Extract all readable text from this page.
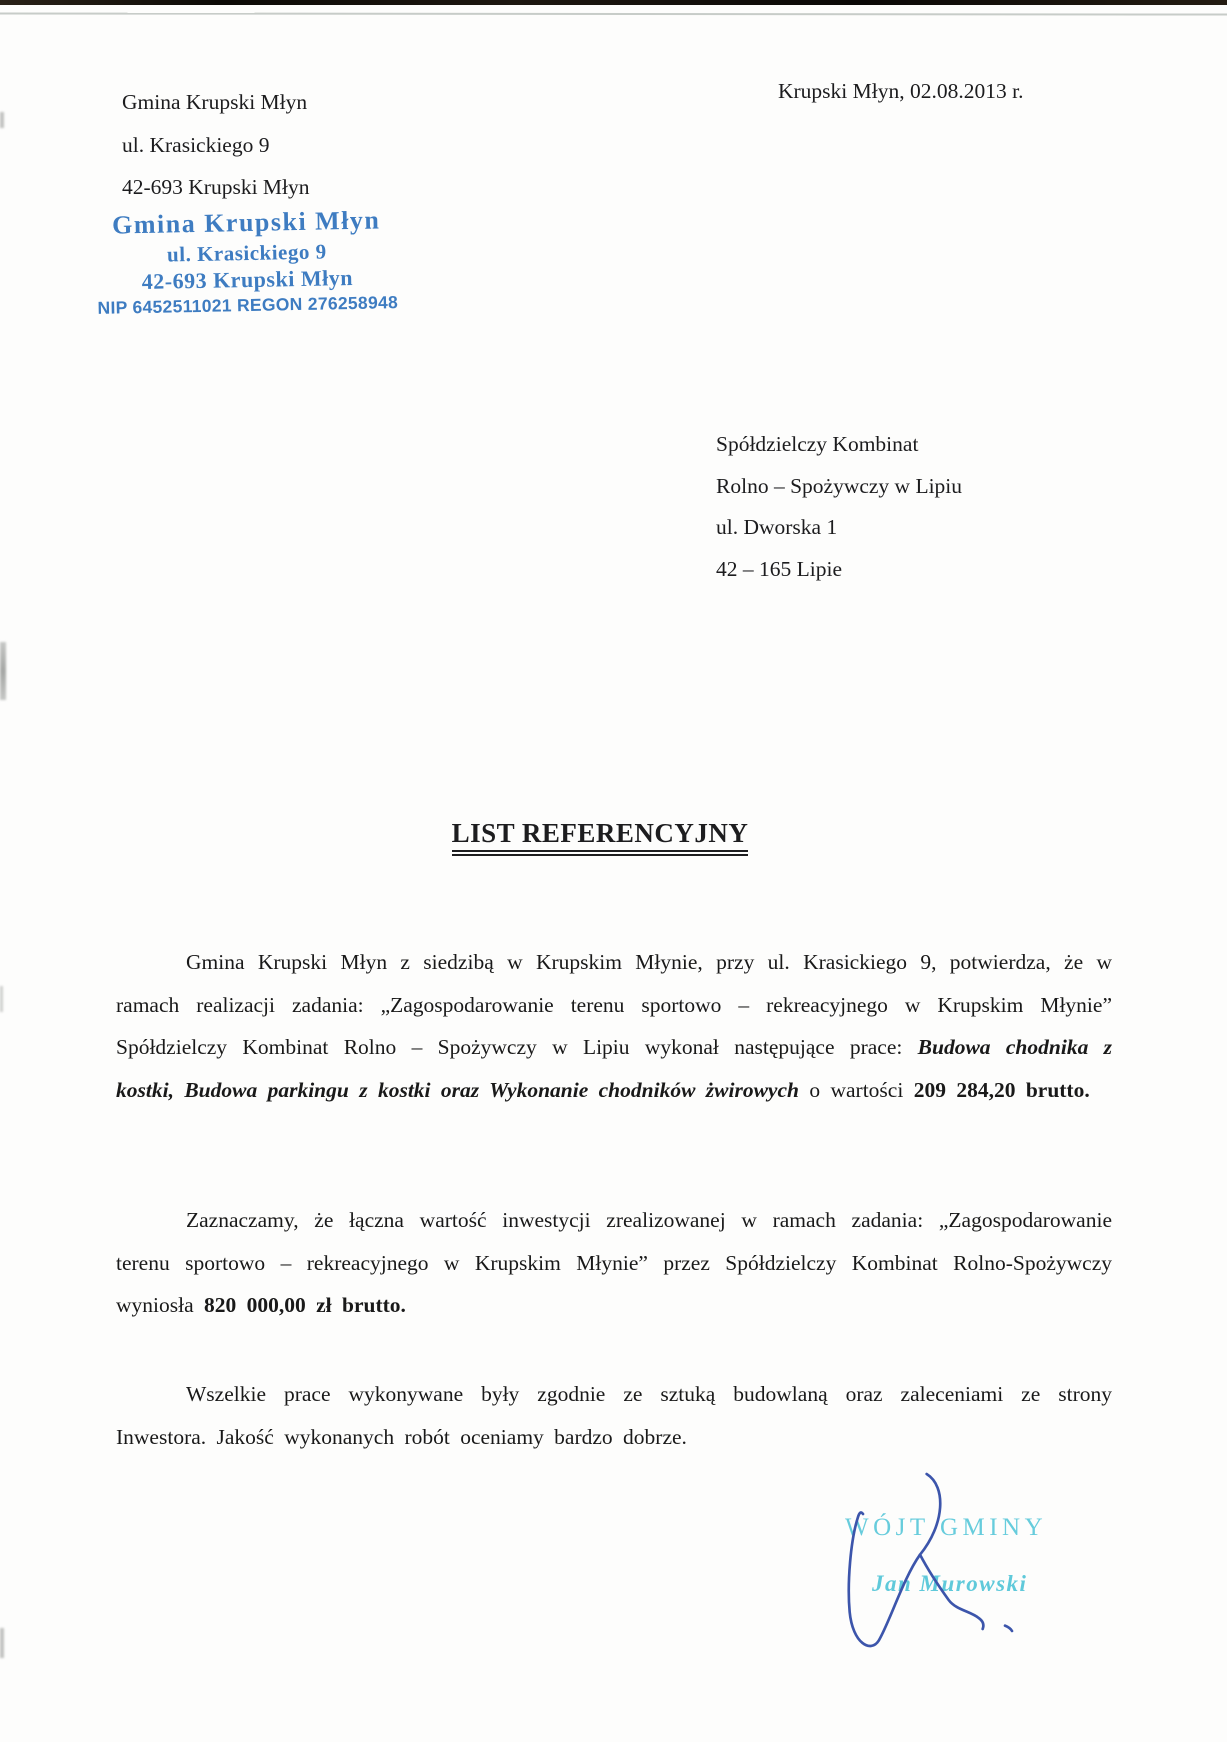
Gmina Krupski Młyn
ul. Krasickiego 9
42-693 Krupski Młyn
Krupski Młyn, 02.08.2013 r.
Gmina Krupski Młyn
ul. Krasickiego 9
42-693 Krupski Młyn
NIP 6452511021 REGON 276258948
Spółdzielczy Kombinat
Rolno – Spożywczy w Lipiu
ul. Dworska 1
42 – 165 Lipie
LIST REFERENCYJNY

Gmina Krupski Młyn z siedzibą w Krupskim Młynie, przy ul. Krasickiego 9, potwierdza, że w ramach realizacji zadania: „Zagospodarowanie terenu sportowo – rekreacyjnego w Krupskim Młynie” Spółdzielczy Kombinat Rolno – Spożywczy w Lipiu wykonał następujące prace: Budowa chodnika z kostki, Budowa parkingu z kostki oraz Wykonanie chodników żwirowych o wartości 209 284,20 brutto.

Zaznaczamy, że łączna wartość inwestycji zrealizowanej w ramach zadania: „Zagospodarowanie terenu sportowo – rekreacyjnego w Krupskim Młynie” przez Spółdzielczy Kombinat Rolno-Spożywczy wyniosła 820 000,00 zł brutto.

Wszelkie prace wykonywane były zgodnie ze sztuką budowlaną oraz zaleceniami ze strony Inwestora. Jakość wykonanych robót oceniamy bardzo dobrze.

WÓJT GMINY
Jan Murowski
